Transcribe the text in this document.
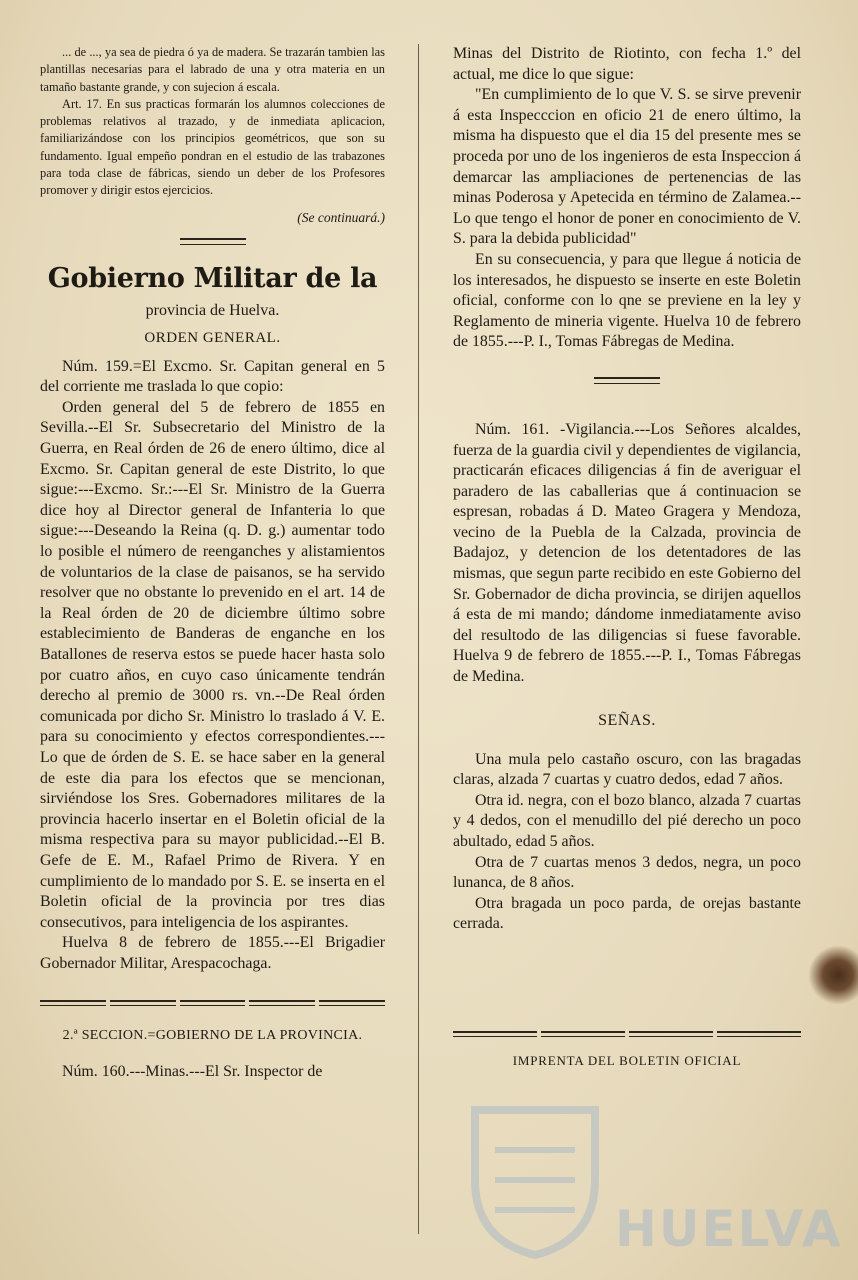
... de ..., ya sea de piedra ó ya de madera. Se trazarán tambien las plantillas necesarias para el labrado de una y otra materia en un tamaño bastante grande, y con sujecion á escala.

Art. 17. En sus practicas formarán los alumnos colecciones de problemas relativos al trazado, y de inmediata aplicacion, familiarizándose con los principios geométricos, que son su fundamento. Igual empeño pondran en el estudio de las trabazones para toda clase de fábricas, siendo un deber de los Profesores promover y dirigir estos ejercicios.

(Se continuará.)

Gobierno Militar de la
provincia de Huelva.
ORDEN GENERAL.

Núm. 159.=El Excmo. Sr. Capitan general en 5 del corriente me traslada lo que copio:

Orden general del 5 de febrero de 1855 en Sevilla.--El Sr. Subsecretario del Ministro de la Guerra, en Real órden de 26 de enero último, dice al Excmo. Sr. Capitan general de este Distrito, lo que sigue:---Excmo. Sr.:---El Sr. Ministro de la Guerra dice hoy al Director general de Infanteria lo que sigue:---Deseando la Reina (q. D. g.) aumentar todo lo posible el número de reenganches y alistamientos de voluntarios de la clase de paisanos, se ha servido resolver que no obstante lo prevenido en el art. 14 de la Real órden de 20 de diciembre último sobre establecimiento de Banderas de enganche en los Batallones de reserva estos se puede hacer hasta solo por cuatro años, en cuyo caso únicamente tendrán derecho al premio de 3000 rs. vn.--De Real órden comunicada por dicho Sr. Ministro lo traslado á V. E. para su conocimiento y efectos correspondientes.---Lo que de órden de S. E. se hace saber en la general de este dia para los efectos que se mencionan, sirviéndose los Sres. Gobernadores militares de la provincia hacerlo insertar en el Boletin oficial de la misma respectiva para su mayor publicidad.--El B. Gefe de E. M., Rafael Primo de Rivera. Y en cumplimiento de lo mandado por S. E. se inserta en el Boletin oficial de la provincia por tres dias consecutivos, para inteligencia de los aspirantes.

Huelva 8 de febrero de 1855.---El Brigadier Gobernador Militar, Arespacochaga.

2.ª SECCION.=GOBIERNO DE LA PROVINCIA.

Núm. 160.---Minas.---El Sr. Inspector de

Minas del Distrito de Riotinto, con fecha 1.º del actual, me dice lo que sigue:

"En cumplimiento de lo que V. S. se sirve prevenir á esta Inspecccion en oficio 21 de enero último, la misma ha dispuesto que el dia 15 del presente mes se proceda por uno de los ingenieros de esta Inspeccion á demarcar las ampliaciones de pertenencias de las minas Poderosa y Apetecida en término de Zalamea.-- Lo que tengo el honor de poner en conocimiento de V. S. para la debida publicidad"

En su consecuencia, y para que llegue á noticia de los interesados, he dispuesto se inserte en este Boletin oficial, conforme con lo qne se previene en la ley y Reglamento de mineria vigente. Huelva 10 de febrero de 1855.---P. I., Tomas Fábregas de Medina.

Núm. 161. -Vigilancia.---Los Señores alcaldes, fuerza de la guardia civil y dependientes de vigilancia, practicarán eficaces diligencias á fin de averiguar el paradero de las caballerias que á continuacion se espresan, robadas á D. Mateo Gragera y Mendoza, vecino de la Puebla de la Calzada, provincia de Badajoz, y detencion de los detentadores de las mismas, que segun parte recibido en este Gobierno del Sr. Gobernador de dicha provincia, se dirijen aquellos á esta de mi mando; dándome inmediatamente aviso del resultodo de las diligencias si fuese favorable. Huelva 9 de febrero de 1855.---P. I., Tomas Fábregas de Medina.

SEÑAS.

Una mula pelo castaño oscuro, con las bragadas claras, alzada 7 cuartas y cuatro dedos, edad 7 años.

Otra id. negra, con el bozo blanco, alzada 7 cuartas y 4 dedos, con el menudillo del pié derecho un poco abultado, edad 5 años.

Otra de 7 cuartas menos 3 dedos, negra, un poco lunanca, de 8 años.

Otra bragada un poco parda, de orejas bastante cerrada.

IMPRENTA DEL BOLETIN OFICIAL
HUELVA
